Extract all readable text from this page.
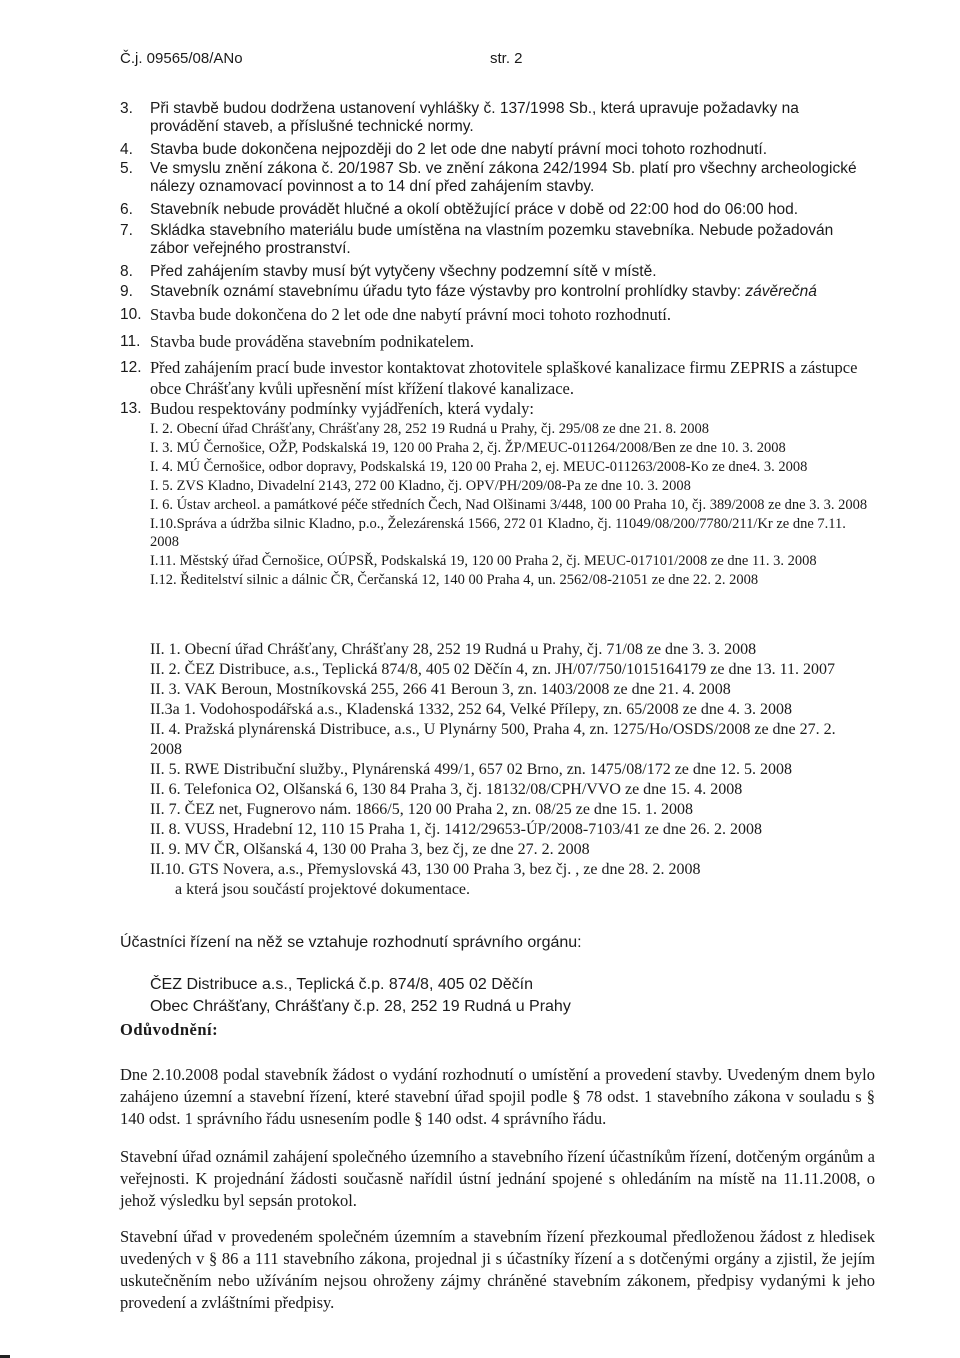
Č.j. 09565/08/ANo	str. 2
3.	Při stavbě budou dodržena ustanovení vyhlášky č. 137/1998 Sb., která upravuje požadavky na provádění staveb, a příslušné technické normy.
4.	Stavba bude dokončena nejpozději do 2 let ode dne nabytí právní moci tohoto rozhodnutí.
5.	Ve smyslu znění zákona č. 20/1987 Sb. ve znění zákona 242/1994 Sb. platí pro všechny archeologické nálezy oznamovací povinnost a to 14 dní před zahájením stavby.
6.	Stavebník nebude provádět hlučné a okolí obtěžující práce v době od 22:00 hod do 06:00 hod.
7.	Skládka stavebního materiálu bude umístěna na vlastním pozemku stavebníka. Nebude požadován zábor veřejného prostranství.
8.	Před zahájením stavby musí být vytyčeny všechny podzemní sítě v místě.
9.	Stavebník oznámí stavebnímu úřadu tyto fáze výstavby pro kontrolní prohlídky stavby: závěrečná
10. Stavba bude dokončena do 2 let ode dne nabytí právní moci tohoto rozhodnutí.
11. Stavba bude prováděna stavebním podnikatelem.
12. Před zahájením prací bude investor kontaktovat zhotovitele splaškové kanalizace firmu ZEPRIS a zástupce obce Chrášťany kvůli upřesnění míst křížení tlakové kanalizace.
13. Budou respektovány podmínky vyjádřeních, která vydaly:
I. 2. Obecní úřad Chrášťany, Chrášťany 28, 252 19 Rudná u Prahy, čj. 295/08 ze dne 21. 8. 2008
I. 3. MÚ Černošice, OŽP, Podskalská 19, 120 00 Praha 2, čj. ŽP/MEUC-011264/2008/Ben ze dne 10. 3. 2008
I. 4. MÚ Černošice, odbor dopravy, Podskalská 19, 120 00 Praha 2, ej. MEUC-011263/2008-Ko ze dne4. 3. 2008
I. 5. ZVS Kladno, Divadelní 2143, 272 00 Kladno, čj. OPV/PH/209/08-Pa ze dne 10. 3. 2008
I. 6. Ústav archeol. a památkové péče středních Čech, Nad Olšinami 3/448, 100 00 Praha 10, čj. 389/2008 ze dne 3. 3. 2008
I.10.Správa a údržba silnic Kladno, p.o., Železárenská 1566, 272 01 Kladno, čj. 11049/08/200/7780/211/Kr ze dne 7.11. 2008
I.11. Městský úřad Černošice, OÚPSŘ, Podskalská 19, 120 00 Praha 2, čj. MEUC-017101/2008 ze dne 11. 3. 2008
I.12. Ředitelství silnic a dálnic ČR, Čerčanská 12, 140 00 Praha 4, un. 2562/08-21051 ze dne 22. 2. 2008
II. 1. Obecní úřad Chrášťany, Chrášťany 28, 252 19 Rudná u Prahy, čj. 71/08 ze dne 3. 3. 2008
II. 2. ČEZ Distribuce, a.s., Teplická 874/8, 405 02 Děčín 4, zn. JH/07/750/1015164179 ze dne 13. 11. 2007
II. 3. VAK Beroun, Mostníkovská 255, 266 41 Beroun 3, zn. 1403/2008 ze dne 21. 4. 2008
II.3a 1. Vodohospodářská a.s., Kladenská 1332, 252 64, Velké Přílepy, zn. 65/2008 ze dne 4. 3. 2008
II. 4. Pražská plynárenská Distribuce, a.s., U Plynárny 500, Praha 4, zn. 1275/Ho/OSDS/2008 ze dne 27. 2. 2008
II. 5. RWE Distribuční služby., Plynárenská 499/1, 657 02 Brno, zn. 1475/08/172 ze dne 12. 5. 2008
II. 6. Telefonica O2, Olšanská 6, 130 84 Praha 3, čj. 18132/08/CPH/VVO ze dne 15. 4. 2008
II. 7. ČEZ net, Fugnerovo nám. 1866/5, 120 00 Praha 2, zn. 08/25 ze dne 15. 1. 2008
II. 8. VUSS, Hradební 12, 110 15 Praha 1, čj. 1412/29653-ÚP/2008-7103/41 ze dne 26. 2. 2008
II. 9. MV ČR, Olšanská 4, 130 00 Praha 3, bez čj, ze dne 27. 2. 2008
II.10. GTS Novera, a.s., Přemyslovská 43, 130 00 Praha 3, bez čj. , ze dne 28. 2. 2008
a která jsou součástí projektové dokumentace.
Účastníci řízení na něž se vztahuje rozhodnutí správního orgánu:
ČEZ Distribuce a.s., Teplická č.p. 874/8, 405 02 Děčín
Obec Chrášťany, Chrášťany č.p. 28, 252 19 Rudná u Prahy
Odůvodnění:
Dne 2.10.2008 podal stavebník žádost o vydání rozhodnutí o umístění a provedení stavby. Uvedeným dnem bylo zahájeno územní a stavební řízení, které stavební úřad spojil podle § 78 odst. 1 stavebního zákona v souladu s § 140 odst. 1 správního řádu usnesením podle § 140 odst. 4 správního řádu.
Stavební úřad oznámil zahájení společného územního a stavebního řízení účastníkům řízení, dotčeným orgánům a veřejnosti. K projednání žádosti současně nařídil ústní jednání spojené s ohledáním na místě na 11.11.2008, o jehož výsledku byl sepsán protokol.
Stavební úřad v provedeném společném územním a stavebním řízení přezkoumal předloženou žádost z hledisek uvedených v § 86 a 111 stavebního zákona, projednal ji s účastníky řízení a s dotčenými orgány a zjistil, že jejím uskutečněním nebo užíváním nejsou ohroženy zájmy chráněné stavebním zákonem, předpisy vydanými k jeho provedení a zvláštními předpisy.
